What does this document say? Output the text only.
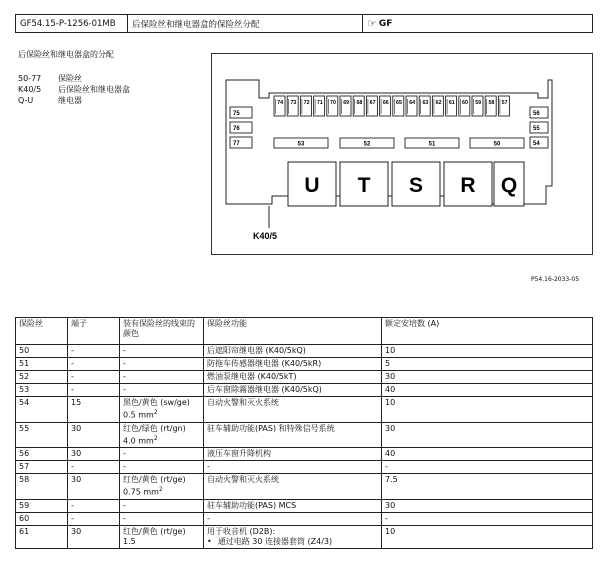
GF54.15-P-1256-01MB	后保险丝和继电器盒的保险丝分配	☞ GF
后保险丝和继电器盒的分配
50-77	保险丝
K40/5	后保险丝和继电器盒
Q-U	继电器	74 73 72 71 70 69 68 67 66 65 64 63 62 61 60 59 58 57
75
76
77
56
55
54
53	52	51	50
U T S R Q
K40/5
P54.16-2033-05
保险丝	端子	装有保险丝的线束的颜色	保险丝功能	额定安培数 (A)
50	-	-	后遮阳帘继电器 (K40/5kQ)	10
51	-	-	防拖车传感器继电器 (K40/5kR)	5
52	-	-	燃油泵继电器 (K40/5kT)	30
53	-	-	后车窗除霧器继电器 (K40/5kQ)	40
54	15	黑色/黄色 (sw/ge) 0.5 $mm^2$	自动火警和灭火系统	10
55	30	红色/绿色 (rt/gn) 4.0 $mm^2$	驻车辅助功能(PAS) 和特殊信号系统	30
56	30	-	液压车窗升降机构	40
57	-	-	-	-
58	30	红色/黄色 (rt/ge) 0.75 $mm^2$	自动火警和灭火系统	7.5
59	-	-	驻车辅助功能(PAS) MCS	30
60	-	-	-	-
61	30	红色/黄色 (rt/ge) 1.5	用于收音机 (D2B):
• 通过电路 30 连接器套筒 (Z4/3)	10
